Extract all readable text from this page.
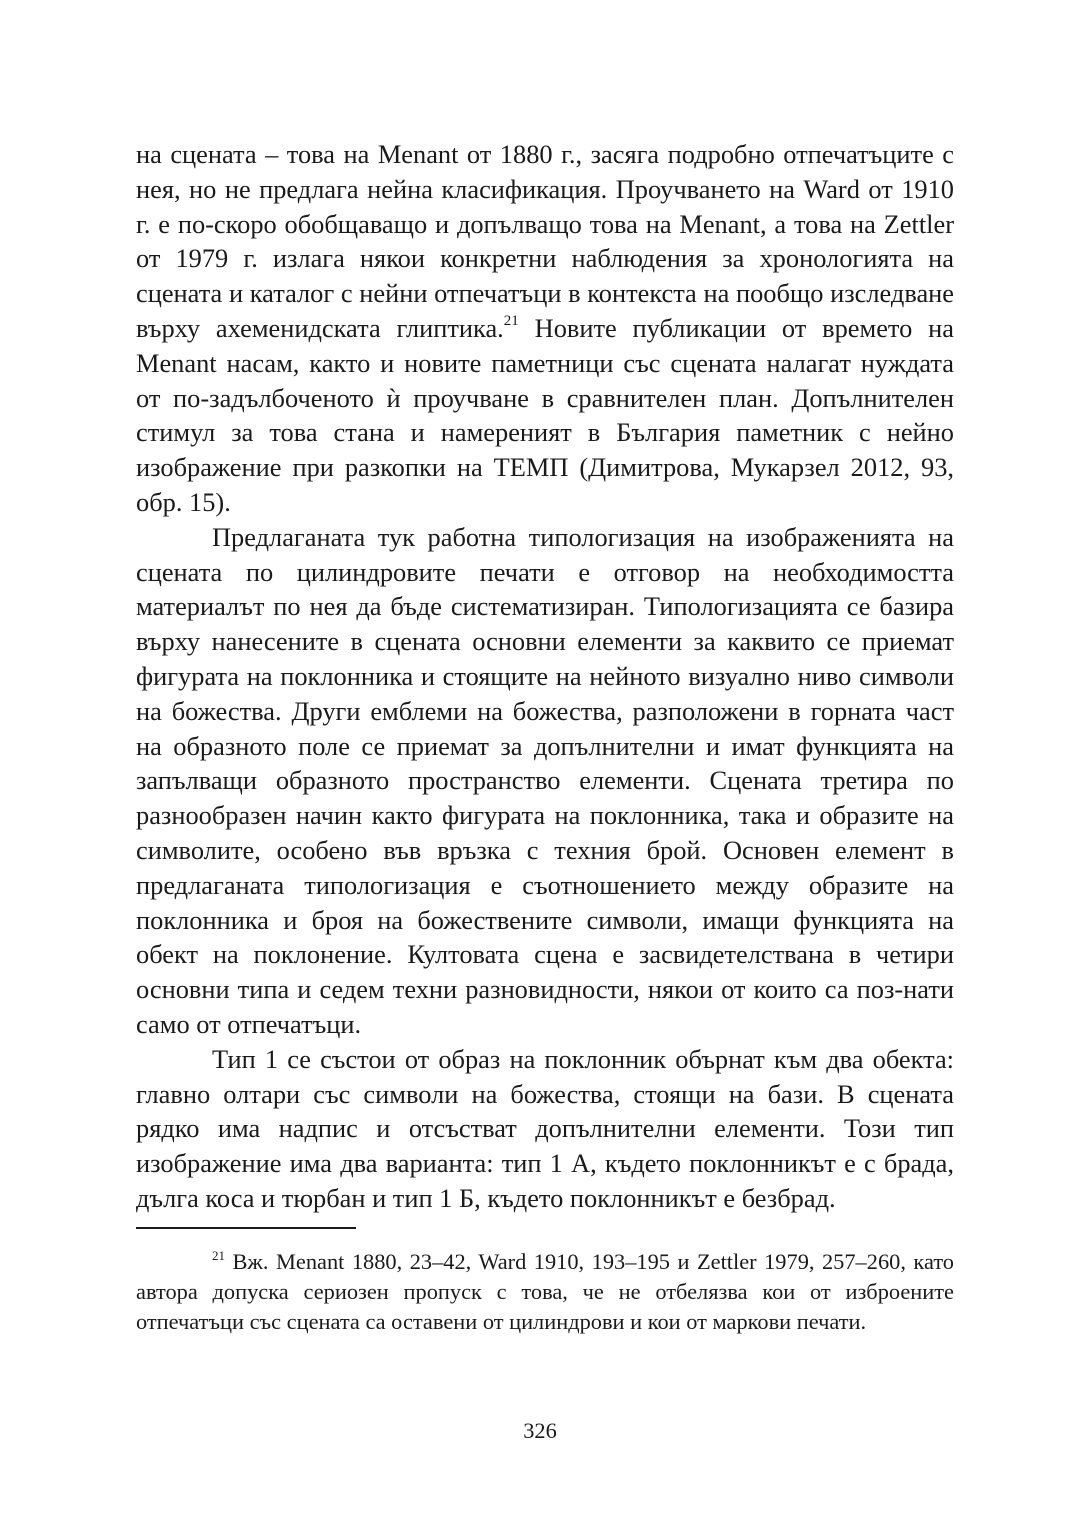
на сцената – това на Menant от 1880 г., засяга подробно отпечатъците с нея, но не предлага нейна класификация. Проучването на Ward от 1910 г. е по-скоро обобщаващо и допълващо това на Menant, а това на Zettler от 1979 г. излага някои конкретни наблюдения за хронологията на сцената и каталог с нейни отпечатъци в контекста на пообщо изследване върху ахеменидската глиптика.$^{21}$ Новите публикации от времето на Menant насам, както и новите паметници със сцената налагат нуждата от по-задълбоченото ѝ проучване в сравнителен план. Допълнителен стимул за това стана и намереният в България паметник с нейно изображение при разкопки на ТЕМП (Димитрова, Мукарзел 2012, 93, обр. 15).

Предлаганата тук работна типологизация на изображенията на сцената по цилиндровите печати е отговор на необходимостта материалът по нея да бъде систематизиран. Типологизацията се базира върху нанесените в сцената основни елементи за каквито се приемат фигурата на поклонника и стоящите на нейното визуално ниво символи на божества. Други емблеми на божества, разположени в горната част на образното поле се приемат за допълнителни и имат функцията на запълващи образното пространство елементи. Сцената третира по разнообразен начин както фигурата на поклонника, така и образите на символите, особено във връзка с техния брой. Основен елемент в предлаганата типологизация е съотношението между образите на поклонника и броя на божествените символи, имащи функцията на обект на поклонение. Култовата сцена е засвидетелствана в четири основни типа и седем техни разновидности, някои от които са поз-нати само от отпечатъци.

Тип 1 се състои от образ на поклонник обърнат към два обекта: главно олтари със символи на божества, стоящи на бази. В сцената рядко има надпис и отсъстват допълнителни елементи. Този тип изображение има два варианта: тип 1 А, където поклонникът е с брада, дълга коса и тюрбан и тип 1 Б, където поклонникът е безбрад.

$^{21}$ Вж. Menant 1880, 23–42, Ward 1910, 193–195 и Zettler 1979, 257–260, като автора допуска сериозен пропуск с това, че не отбелязва кои от изброените отпечатъци със сцената са оставени от цилиндрови и кои от маркови печати.

326
